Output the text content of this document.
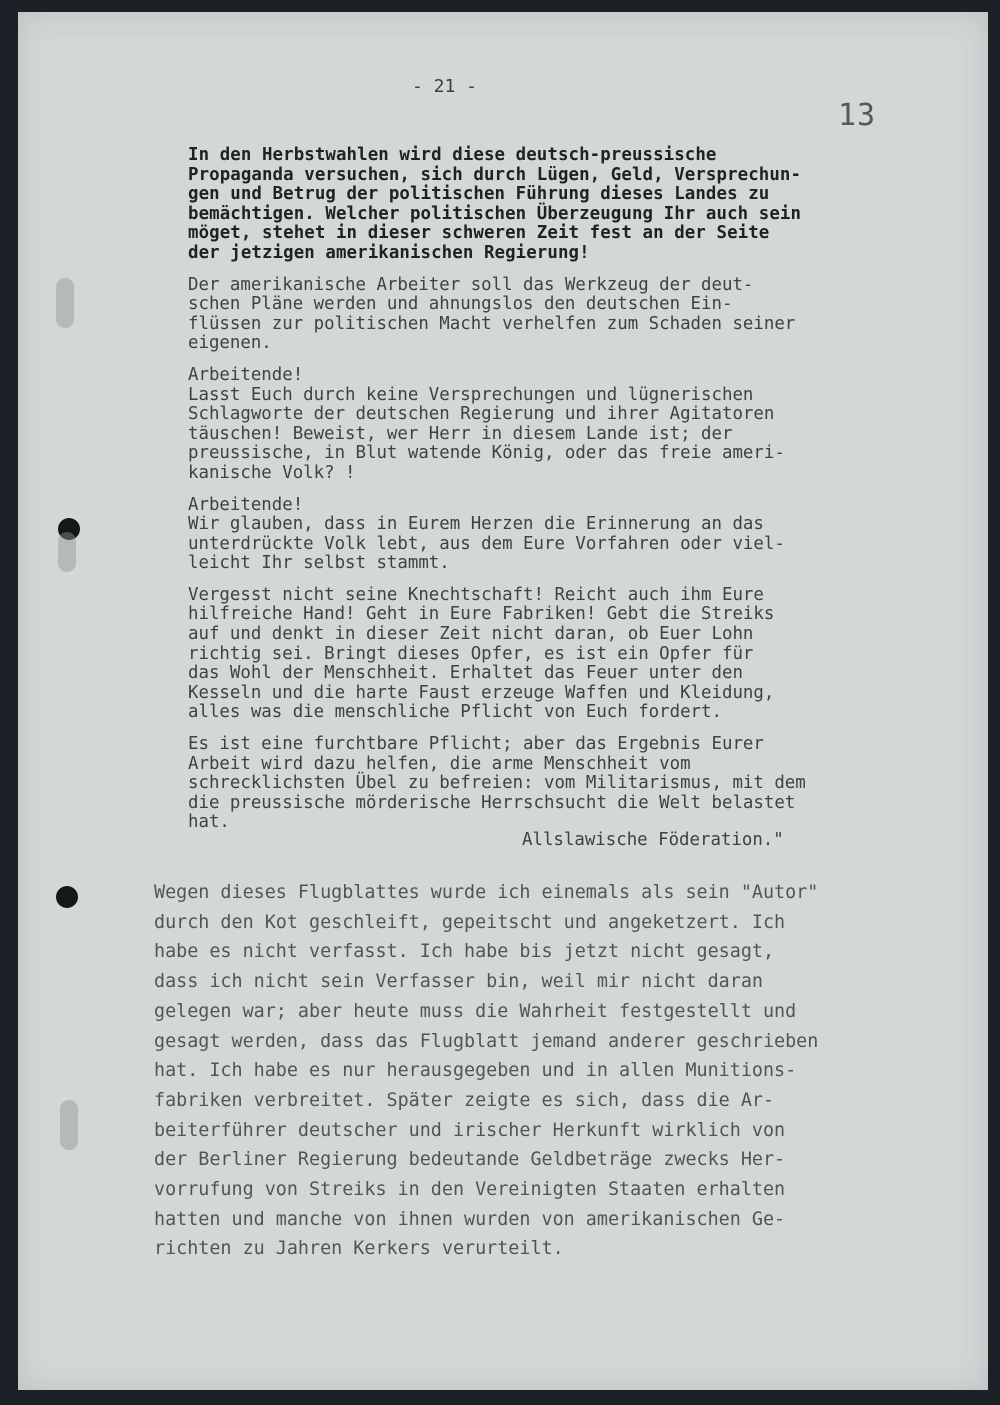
- 21 -

13

In den Herbstwahlen wird diese deutsch-preussische
Propaganda versuchen, sich durch Lügen, Geld, Versprechun-
gen und Betrug der politischen Führung dieses Landes zu
bemächtigen. Welcher politischen Überzeugung Ihr auch sein
möget, stehet in dieser schweren Zeit fest an der Seite
der jetzigen amerikanischen Regierung!

Der amerikanische Arbeiter soll das Werkzeug der deut-
schen Pläne werden und ahnungslos den deutschen Ein-
flüssen zur politischen Macht verhelfen zum Schaden seiner
eigenen.

Arbeitende!
Lasst Euch durch keine Versprechungen und lügnerischen
Schlagworte der deutschen Regierung und ihrer Agitatoren
täuschen! Beweist, wer Herr in diesem Lande ist; der
preussische, in Blut watende König, oder das freie ameri-
kanische Volk? !

Arbeitende!
Wir glauben, dass in Eurem Herzen die Erinnerung an das
unterdrückte Volk lebt, aus dem Eure Vorfahren oder viel-
leicht Ihr selbst stammt.

Vergesst nicht seine Knechtschaft! Reicht auch ihm Eure
hilfreiche Hand! Geht in Eure Fabriken! Gebt die Streiks
auf und denkt in dieser Zeit nicht daran, ob Euer Lohn
richtig sei. Bringt dieses Opfer, es ist ein Opfer für
das Wohl der Menschheit. Erhaltet das Feuer unter den
Kesseln und die harte Faust erzeuge Waffen und Kleidung,
alles was die menschliche Pflicht von Euch fordert.

Es ist eine furchtbare Pflicht; aber das Ergebnis Eurer
Arbeit wird dazu helfen, die arme Menschheit vom
schrecklichsten Übel zu befreien: vom Militarismus, mit dem
die preussische mörderische Herrschsucht die Welt belastet
hat.

Allslawische Föderation."

Wegen dieses Flugblattes wurde ich einemals als sein "Autor"
durch den Kot geschleift, gepeitscht und angeketzert. Ich
habe es nicht verfasst. Ich habe bis jetzt nicht gesagt,
dass ich nicht sein Verfasser bin, weil mir nicht daran
gelegen war; aber heute muss die Wahrheit festgestellt und
gesagt werden, dass das Flugblatt jemand anderer geschrieben
hat. Ich habe es nur herausgegeben und in allen Munitions-
fabriken verbreitet. Später zeigte es sich, dass die Ar-
beiterführer deutscher und irischer Herkunft wirklich von
der Berliner Regierung bedeutande Geldbeträge zwecks Her-
vorrufung von Streiks in den Vereinigten Staaten erhalten
hatten und manche von ihnen wurden von amerikanischen Ge-
richten zu Jahren Kerkers verurteilt.
